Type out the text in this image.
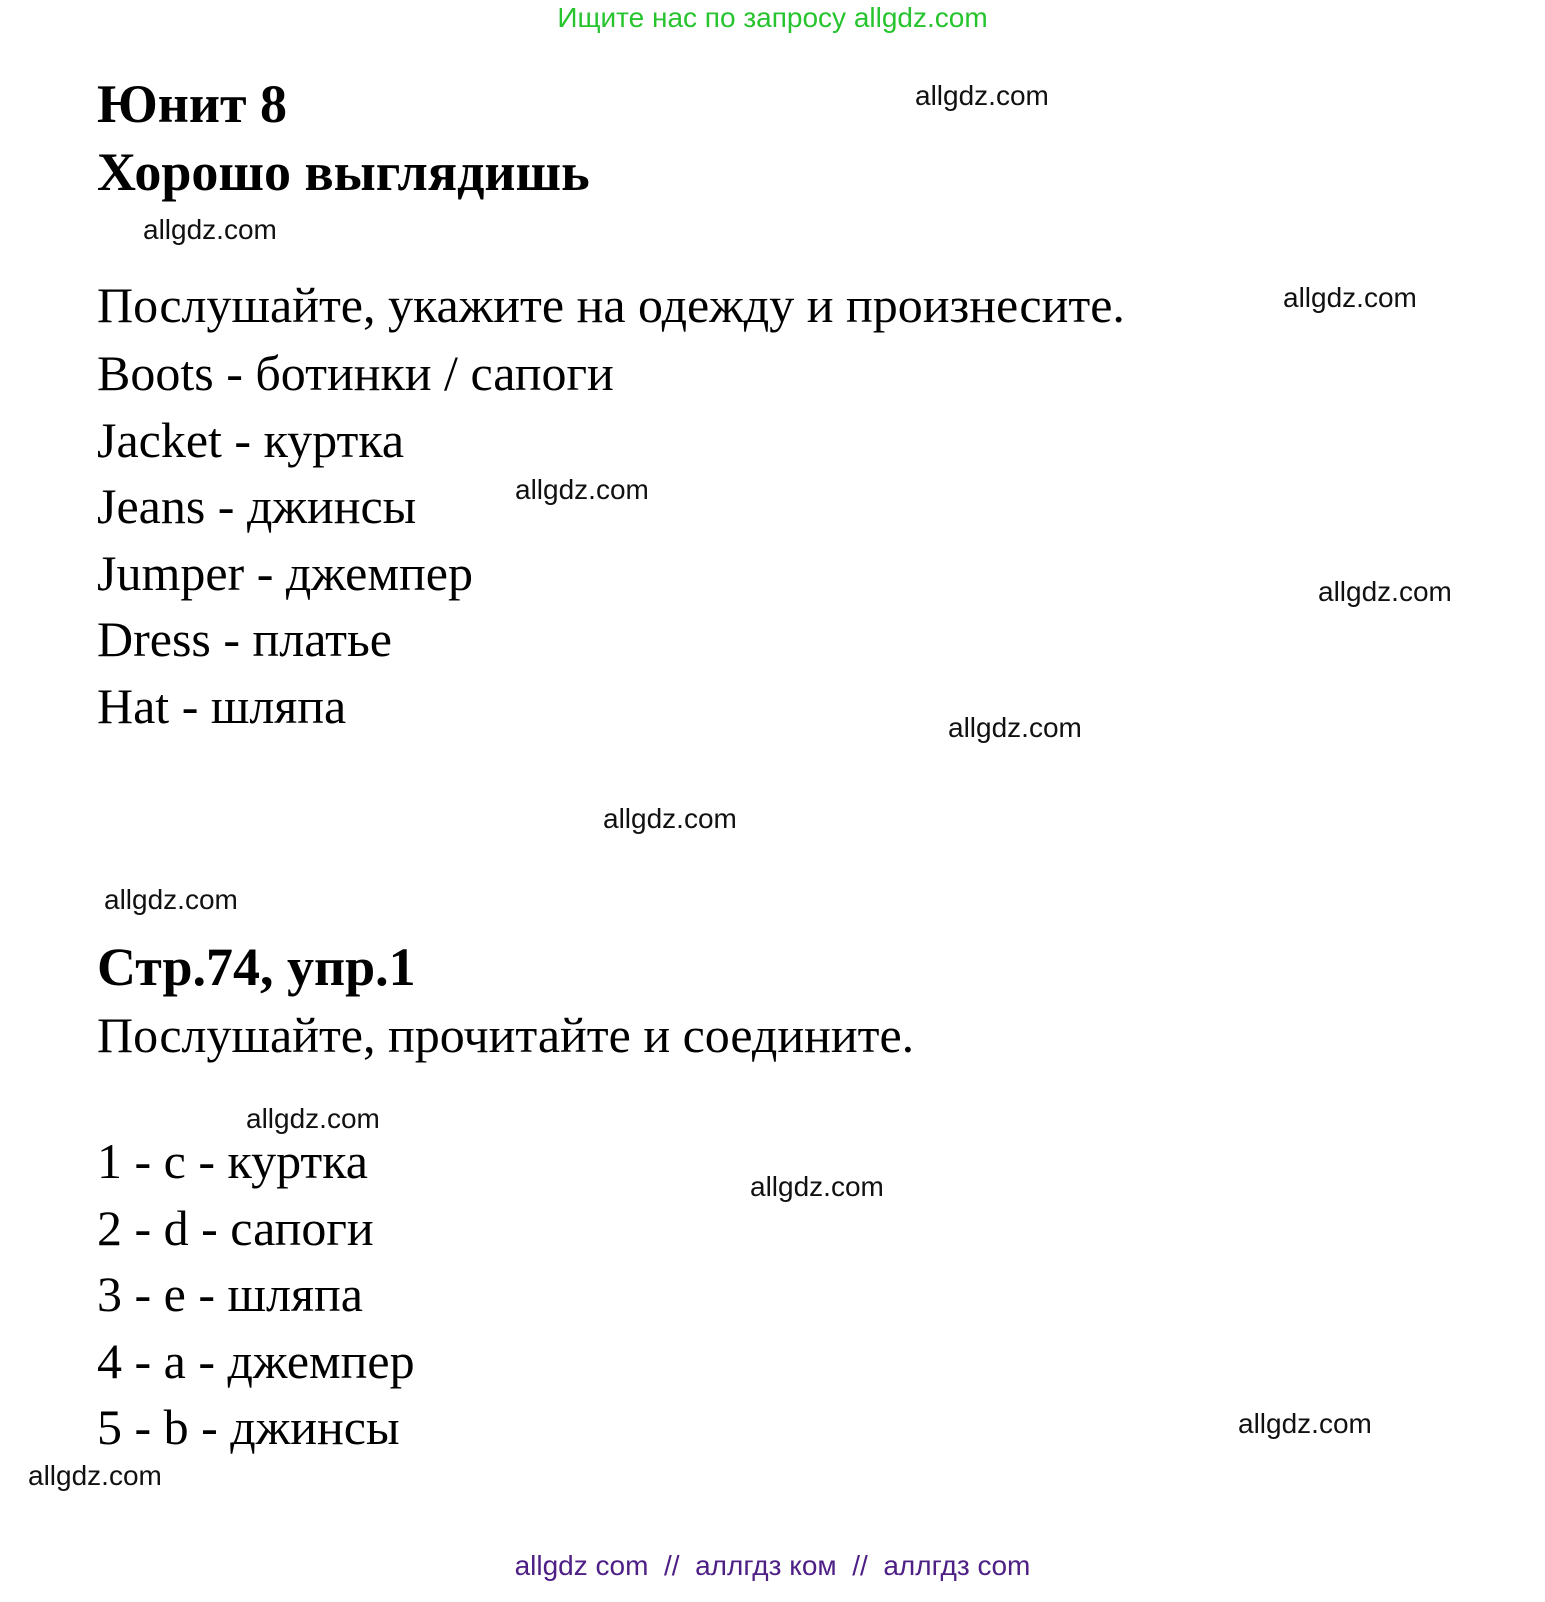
Ищите нас по запросу allgdz.com
allgdz.com
Юнит 8
Хорошо выглядишь
allgdz.com
Послушайте, укажите на одежду и произнесите.	allgdz.com
Boots - ботинки / сапоги
Jacket - куртка
Jeans - джинсы
Jumper - джемпер
Dress - платье
Hat - шляпа
allgdz.com
allgdz.com
allgdz.com
allgdz.com
allgdz.com
Стр.74, упр.1
Послушайте, прочитайте и соедините.
allgdz.com
1 - c - куртка
2 - d - сапоги
3 - e - шляпа
4 - a - джемпер
5 - b - джинсы
allgdz.com
allgdz.com
allgdz.com
allgdz com  //  аллгдз ком  //  аллгдз com
